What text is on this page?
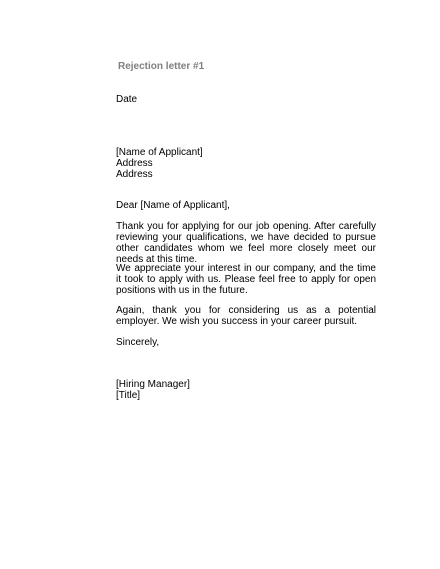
Rejection letter #1
Date
[Name of Applicant]
Address
Address
Dear [Name of Applicant],
Thank you for applying for our job opening. After carefully reviewing your qualifications, we have decided to pursue other candidates whom we feel more closely meet our needs at this time.
We appreciate your interest in our company, and the time it took to apply with us. Please feel free to apply for open positions with us in the future.
Again, thank you for considering us as a potential employer. We wish you success in your career pursuit.
Sincerely,
[Hiring Manager]
[Title]
